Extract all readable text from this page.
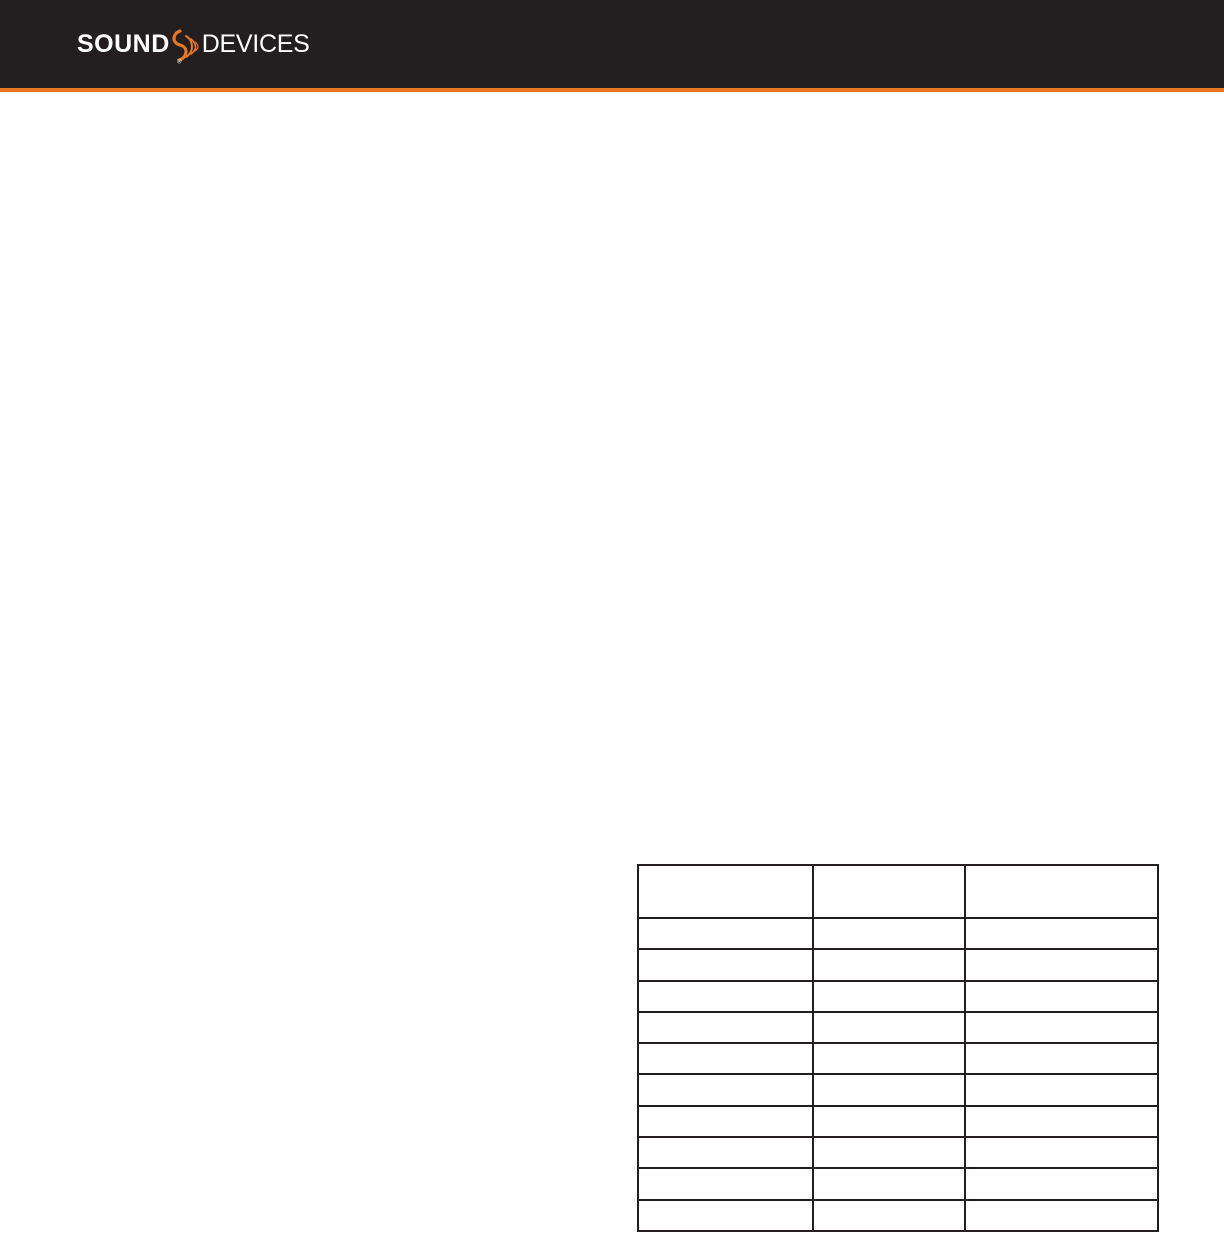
SOUND
®
DEVICES
